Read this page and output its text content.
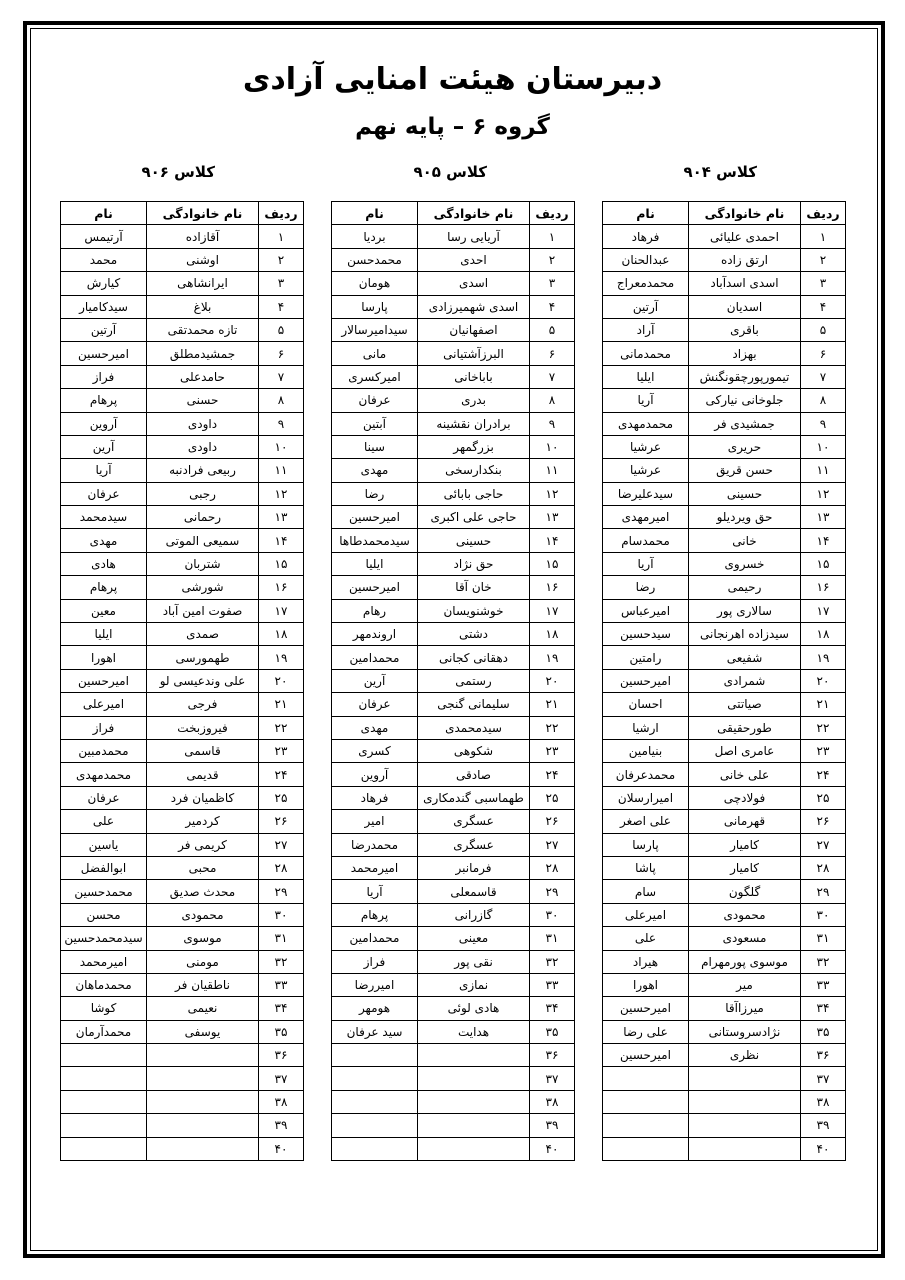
دبیرستان هیئت امنایی آزادی
گروه ۶ – پایه نهم
کلاس ۹۰۴
کلاس ۹۰۵
کلاس ۹۰۶
ردیف	نام خانوادگی	نام
۱	احمدی علیائی	فرهاد
۲	ارتق زاده	عبدالحنان
۳	اسدی اسدآباد	محمدمعراج
۴	اسدیان	آرتین
۵	باقری	آراد
۶	بهزاد	محمدمانی
۷	تیمورپورچقونگنش	ایلیا
۸	جلوخانی نیارکی	آریا
۹	جمشیدی فر	محمدمهدی
۱۰	حریری	عرشیا
۱۱	حسن قریق	عرشیا
۱۲	حسینی	سیدعلیرضا
۱۳	حق ویردیلو	امیرمهدی
۱۴	خانی	محمدسام
۱۵	خسروی	آریا
۱۶	رحیمی	رضا
۱۷	سالاری پور	امیرعباس
۱۸	سیدزاده اهرنجانی	سیدحسین
۱۹	شفیعی	رامتین
۲۰	شمرادی	امیرحسین
۲۱	صیاتتی	احسان
۲۲	طورحقیقی	ارشیا
۲۳	عامری اصل	بنیامین
۲۴	علی خانی	محمدعرفان
۲۵	فولادچی	امیرارسلان
۲۶	قهرمانی	علی اصغر
۲۷	کامیار	پارسا
۲۸	کامیار	پاشا
۲۹	گلگون	سام
۳۰	محمودی	امیرعلی
۳۱	مسعودی	علی
۳۲	موسوی پورمهرام	هیراد
۳۳	میر	اهورا
۳۴	میرزاآقا	امیرحسین
۳۵	نژادسروستانی	علی رضا
۳۶	نظری	امیرحسین
۳۷		
۳۸		
۳۹		
۴۰		
ردیف	نام خانوادگی	نام
۱	آریایی رسا	بردیا
۲	احدی	محمدحسن
۳	اسدی	هومان
۴	اسدی شهمیرزادی	پارسا
۵	اصفهانیان	سیدامیرسالار
۶	البرزآشتیانی	مانی
۷	باباخانی	امیرکسری
۸	بدری	عرفان
۹	برادران نقشینه	آبتین
۱۰	بزرگمهر	سینا
۱۱	بنکدارسخی	مهدی
۱۲	حاجی بابائی	رضا
۱۳	حاجی علی اکبری	امیرحسین
۱۴	حسینی	سیدمحمدطاها
۱۵	حق نژاد	ایلیا
۱۶	خان آقا	امیرحسین
۱۷	خوشنویسان	رهام
۱۸	دشتی	اروندمهر
۱۹	دهقانی کجانی	محمدامین
۲۰	رستمی	آرین
۲۱	سلیمانی گنجی	عرفان
۲۲	سیدمحمدی	مهدی
۲۳	شکوهی	کسری
۲۴	صادقی	آروین
۲۵	طهماسبی گندمکاری	فرهاد
۲۶	عسگری	امیر
۲۷	عسگری	محمدرضا
۲۸	فرمانبر	امیرمحمد
۲۹	قاسمعلی	آریا
۳۰	گازرانی	پرهام
۳۱	معینی	محمدامین
۳۲	نقی پور	فراز
۳۳	نمازی	امیررضا
۳۴	هادی لوئی	هومهر
۳۵	هدایت	سید عرفان
۳۶		
۳۷		
۳۸		
۳۹		
۴۰		
ردیف	نام خانوادگی	نام
۱	آقازاده	آرتیمس
۲	اوشنی	محمد
۳	ایرانشاهی	کیارش
۴	بلاغ	سیدکامیار
۵	تازه محمدتقی	آرتین
۶	جمشیدمطلق	امیرحسین
۷	حامدعلی	فراز
۸	حسنی	پرهام
۹	داودی	آروین
۱۰	داودی	آرین
۱۱	ربیعی فرادنبه	آریا
۱۲	رجبی	عرفان
۱۳	رحمانی	سیدمحمد
۱۴	سمیعی الموتی	مهدی
۱۵	شتربان	هادی
۱۶	شورشی	پرهام
۱۷	صفوت امین آباد	معین
۱۸	صمدی	ایلیا
۱۹	طهمورسی	اهورا
۲۰	علی وندعیسی لو	امیرحسین
۲۱	فرجی	امیرعلی
۲۲	فیروزبخت	فراز
۲۳	قاسمی	محمدمبین
۲۴	قدیمی	محمدمهدی
۲۵	کاظمیان فرد	عرفان
۲۶	کردمیر	علی
۲۷	کریمی فر	یاسین
۲۸	محبی	ابوالفضل
۲۹	محدث صدیق	محمدحسین
۳۰	محمودی	محسن
۳۱	موسوی	سیدمحمدحسین
۳۲	مومنی	امیرمحمد
۳۳	ناطقیان فر	محمدماهان
۳۴	نعیمی	کوشا
۳۵	یوسفی	محمدآرمان
۳۶		
۳۷		
۳۸		
۳۹		
۴۰		
